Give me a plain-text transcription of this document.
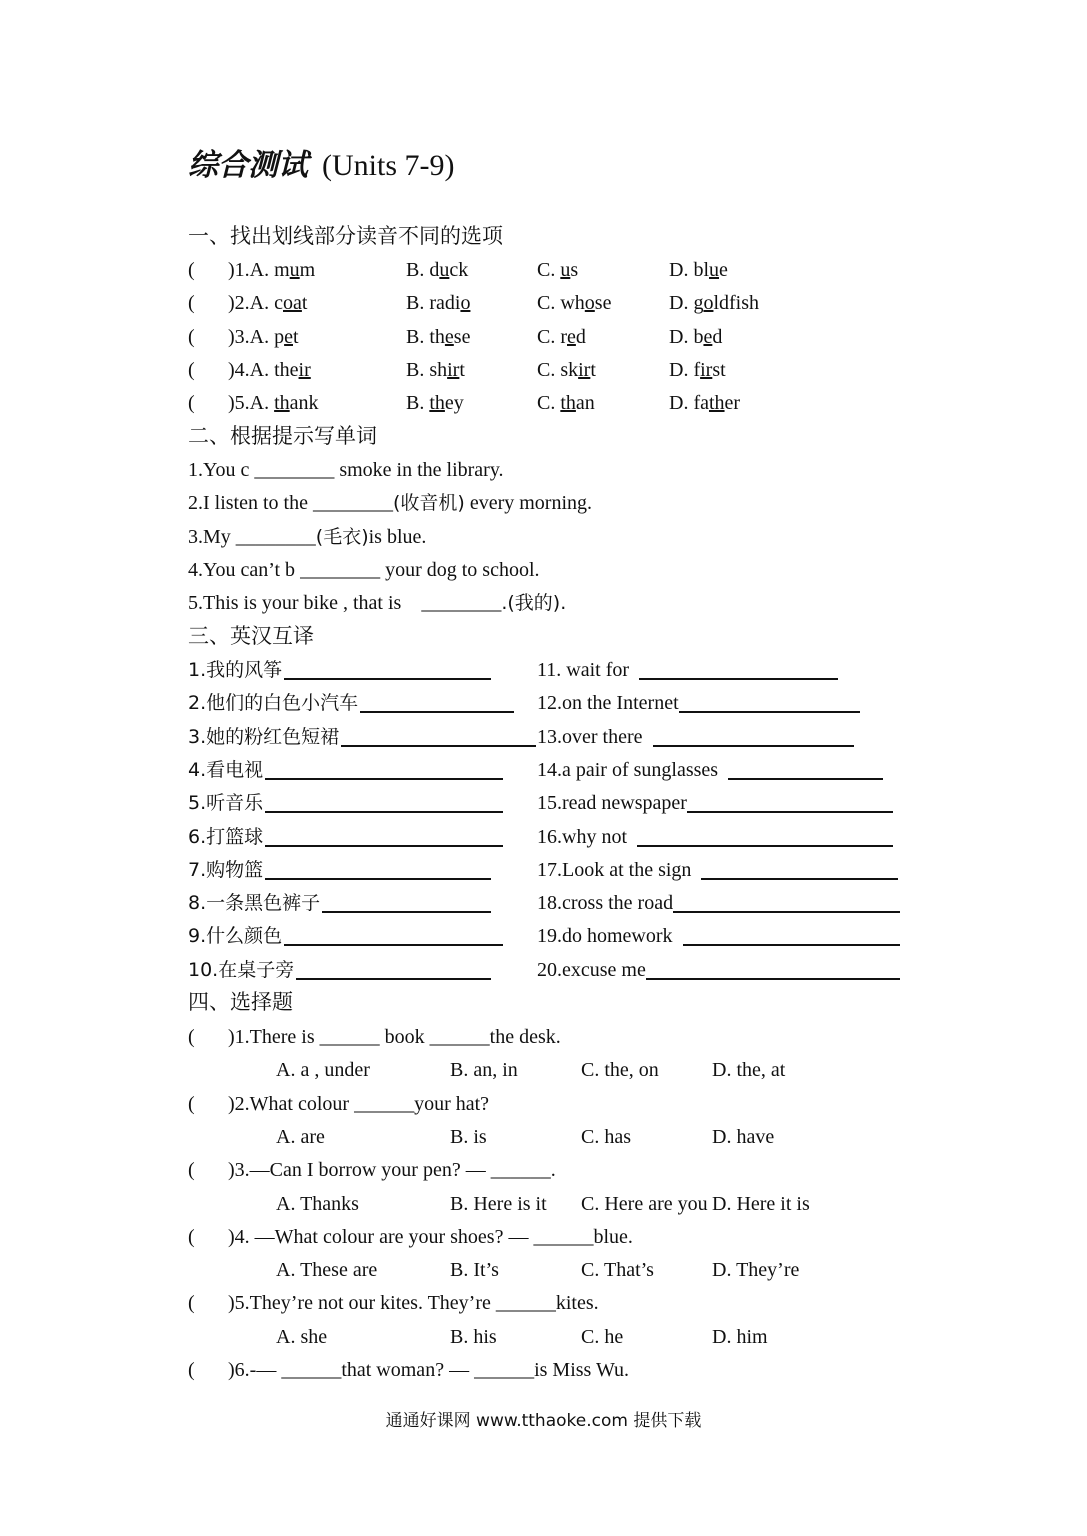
综合测试 (Units 7-9)
一、找出划线部分读音不同的选项
( )1.A. mum	B. duck	C. us	D. blue
( )2.A. coat	B. radio	C. whose	D. goldfish
( )3.A. pet	B. these	C. red	D. bed
( )4.A. their	B. shirt	C. skirt	D. first
( )5.A. thank	B. they	C. than	D. father
二、根据提示写单词
1.You c ________ smoke in the library.
2.I listen to the ________(收音机) every morning.
3.My ________(毛衣)is blue.
4.You can’t b ________ your dog to school.
5.This is your bike , that is    ________.(我的).
三、英汉互译
1.我的风筝	11. wait for
2.他们的白色小汽车	12.on the Internet
3.她的粉红色短裙	13.over there
4.看电视	14.a pair of sunglasses
5.听音乐	15.read newspaper
6.打篮球	16.why not
7.购物篮	17.Look at the sign
8.一条黑色裤子	18.cross the road
9.什么颜色	19.do homework
10.在桌子旁	20.excuse me
四、选择题
( )1.There is ______ book ______the desk.
A. a , under	B. an, in	C. the, on	D. the, at
( )2.What colour ______your hat?
A. are	B. is	C. has	D. have
( )3.—Can I borrow your pen? — ______.
A. Thanks	B. Here is it C. Here are you D. Here it is
( )4. —What colour are your shoes? — ______blue.
A. These are	B. It’s	C. That’s	D. They’re
( )5.They’re not our kites. They’re ______kites.
A. she	B. his	C. he	D. him
( )6.-— ______that woman? — ______is Miss Wu.
通通好课网 www.tthaoke.com 提供下载
